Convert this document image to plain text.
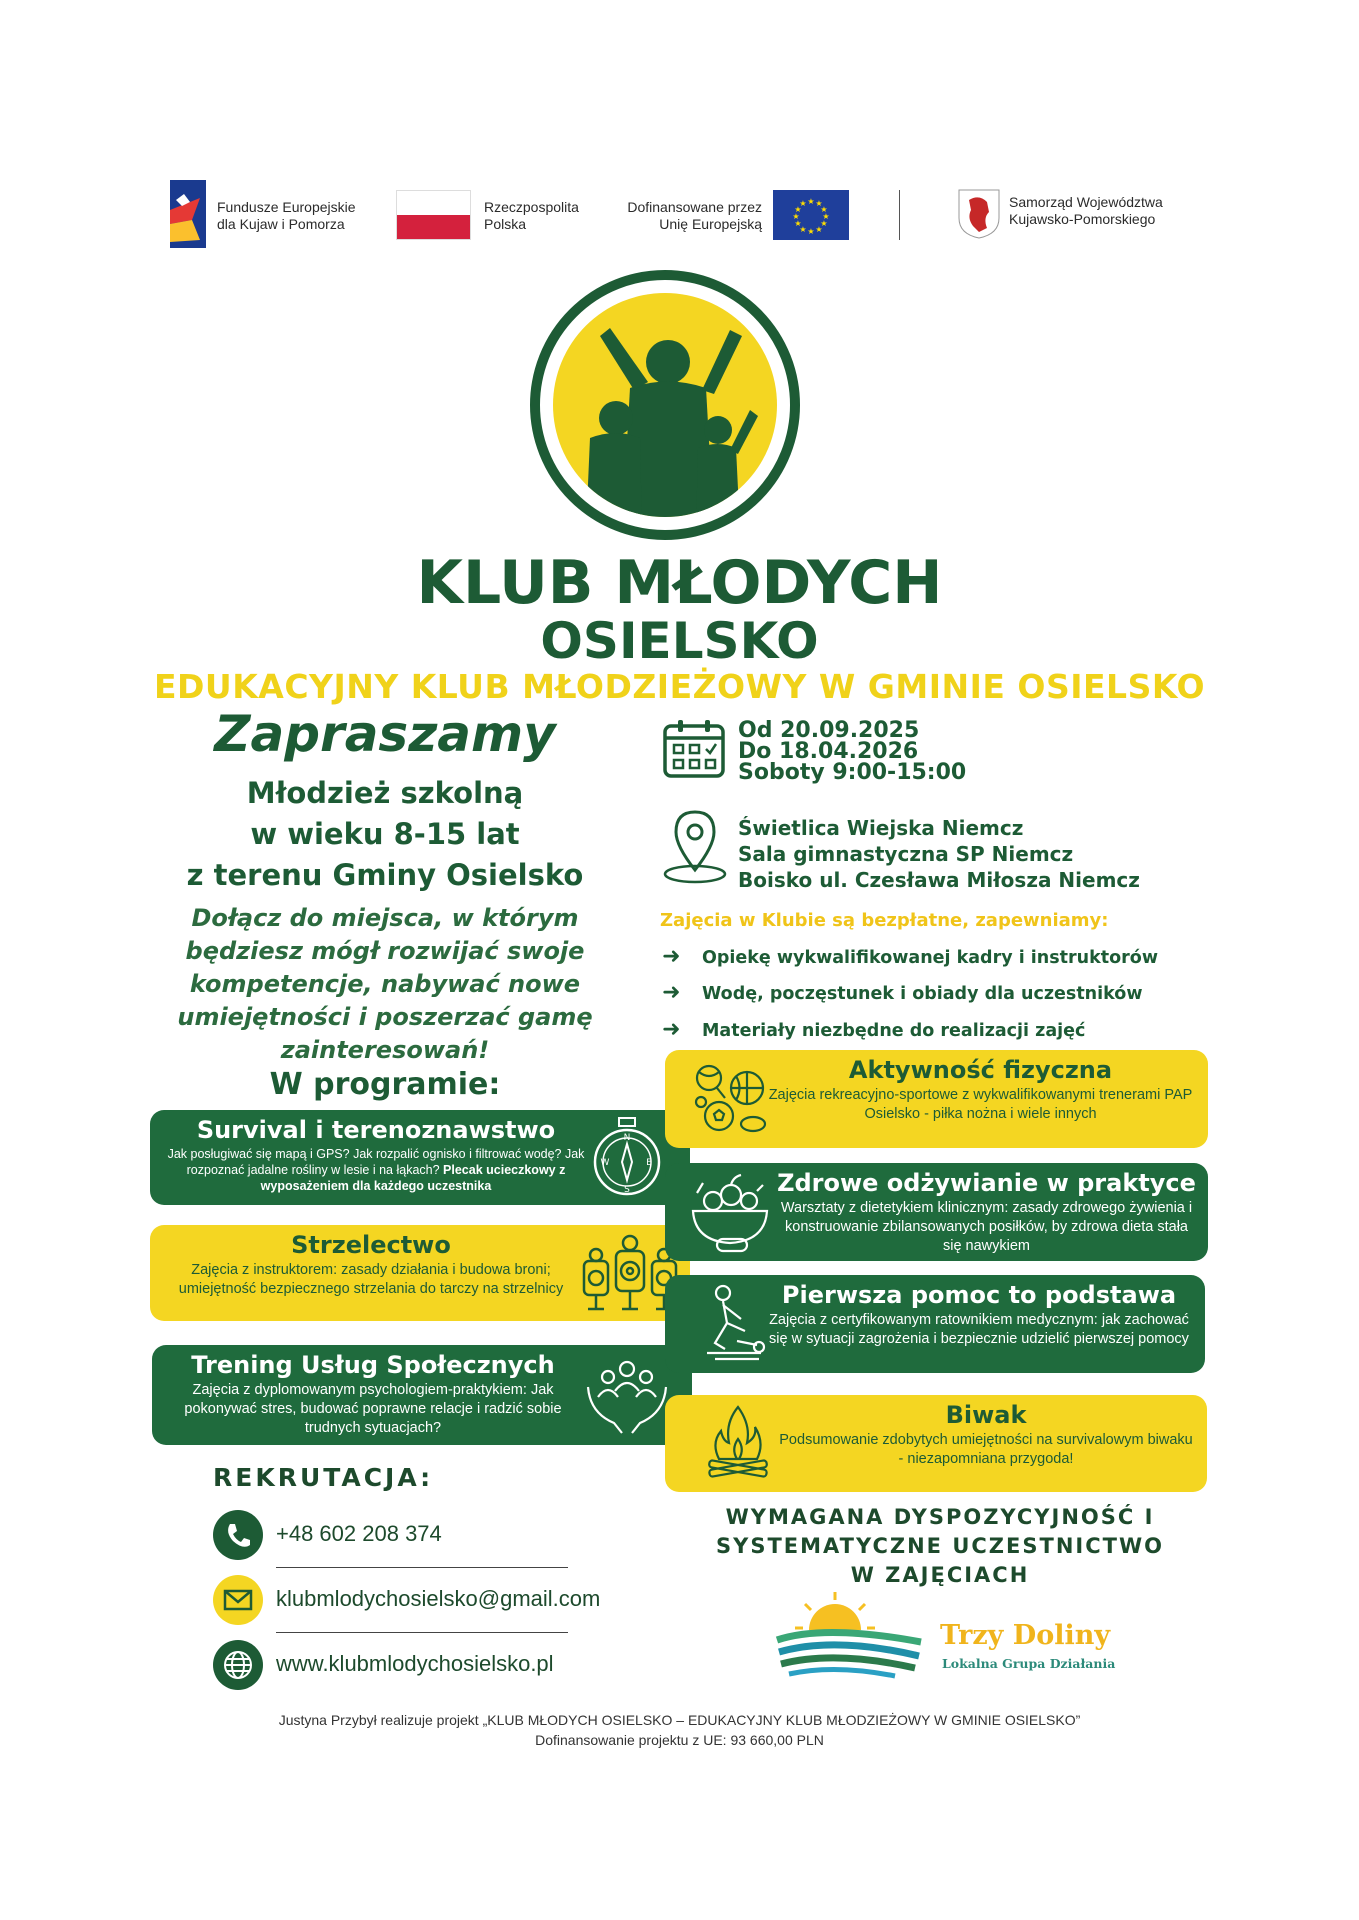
Fundusze Europejskie
dla Kujaw i Pomorza
Rzeczpospolita
Polska
Dofinansowane przez
Unię Europejską
★ ★
★
★
★
★
★
★
★
★
★
★	Samorząd Województwa
Kujawsko-Pomorskiego
KLUB MŁODYCH
OSIELSKO
EDUKACYJNY KLUB MŁODZIEŻOWY W GMINIE OSIELSKO
Zapraszamy
Młodzież szkolną
w wieku 8-15 lat
z terenu Gminy Osielsko
Dołącz do miejsca, w którym będziesz mógł rozwijać swoje kompetencje, nabywać nowe umiejętności i poszerzać gamę zainteresowań!
W programie:
Od 20.09.2025
Do 18.04.2026
Soboty 9:00-15:00
Świetlica Wiejska Niemcz
Sala gimnastyczna SP Niemcz
Boisko ul. Czesława Miłosza Niemcz
Zajęcia w Klubie są bezpłatne, zapewniamy:
➜ Opiekę wykwalifikowanej kadry i instruktorów
➜ Wodę, poczęstunek i obiady dla uczestników
➜ Materiały niezbędne do realizacji zajęć
Survival i terenoznawstwo

Jak posługiwać się mapą i GPS? Jak rozpalić ognisko i filtrować wodę? Jak rozpoznać jadalne rośliny w lesie i na łąkach? Plecak ucieczkowy z wyposażeniem dla każdego uczestnika

N
S
W	E
Strzelectwo

Zajęcia z instruktorem: zasady działania i budowa broni; umiejętność bezpiecznego strzelania do tarczy na strzelnicy

Trening Usług Społecznych

Zajęcia z dyplomowanym psychologiem-praktykiem: Jak pokonywać stres, budować poprawne relacje i radzić sobie trudnych sytuacjach?

Aktywność fizyczna

Zajęcia rekreacyjno-sportowe z wykwalifikowanymi trenerami PAP Osielsko - piłka nożna i wiele innych

Zdrowe odżywianie w praktyce

Warsztaty z dietetykiem klinicznym: zasady zdrowego żywienia i konstruowanie zbilansowanych posiłków, by zdrowa dieta stała się nawykiem

Pierwsza pomoc to podstawa

Zajęcia z certyfikowanym ratownikiem medycznym: jak zachować się w sytuacji zagrożenia i bezpiecznie udzielić pierwszej pomocy

Biwak

Podsumowanie zdobytych umiejętności na survivalowym biwaku - niezapomniana przygoda!

REKRUTACJA:
+48 602 208 374
klubmlodychosielsko@gmail.com
www.klubmlodychosielsko.pl
WYMAGANA DYSPOZYCYJNOŚĆ I
SYSTEMATYCZNE UCZESTNICTWO
W ZAJĘCIACH
Trzy Doliny
Lokalna Grupa Działania
Justyna Przybył realizuje projekt „KLUB MŁODYCH OSIELSKO – EDUKACYJNY KLUB MŁODZIEŻOWY W GMINIE OSIELSKO”
Dofinansowanie projektu z UE: 93 660,00 PLN
